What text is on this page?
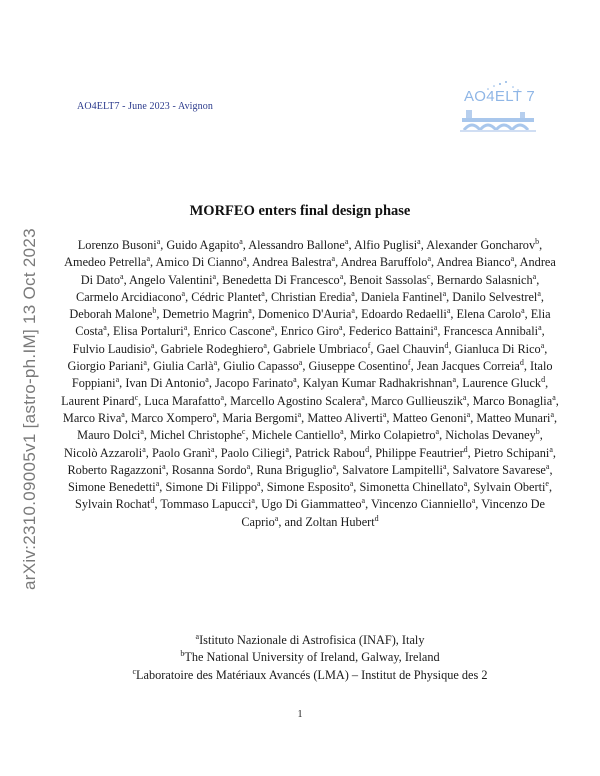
AO4ELT7 - June 2023 - Avignon
AO4ELT 7
arXiv:2310.09005v1 [astro-ph.IM] 13 Oct 2023
MORFEO enters final design phase
Lorenzo Busoni$^a$, Guido Agapito$^a$, Alessandro Ballone$^a$, Alfio Puglisi$^a$, Alexander Goncharov$^b$, Amedeo Petrella$^a$, Amico Di Cianno$^a$, Andrea Balestra$^a$, Andrea Baruffolo$^a$, Andrea Bianco$^a$, Andrea Di Dato$^a$, Angelo Valentini$^a$, Benedetta Di Francesco$^a$, Benoit Sassolas$^c$, Bernardo Salasnich$^a$, Carmelo Arcidiacono$^a$, Cédric Plantet$^a$, Christian Eredia$^a$, Daniela Fantinel$^a$, Danilo Selvestrel$^a$, Deborah Malone$^b$, Demetrio Magrin$^a$, Domenico D'Auria$^a$, Edoardo Redaelli$^a$, Elena Carolo$^a$, Elia Costa$^a$, Elisa Portaluri$^a$, Enrico Cascone$^a$, Enrico Giro$^a$, Federico Battaini$^a$, Francesca Annibali$^a$, Fulvio Laudisio$^a$, Gabriele Rodeghiero$^a$, Gabriele Umbriaco$^f$, Gael Chauvin$^d$, Gianluca Di Rico$^a$, Giorgio Pariani$^a$, Giulia Carlà$^a$, Giulio Capasso$^a$, Giuseppe Cosentino$^f$, Jean Jacques Correia$^d$, Italo Foppiani$^a$, Ivan Di Antonio$^a$, Jacopo Farinato$^a$, Kalyan Kumar Radhakrishnan$^a$, Laurence Gluck$^d$, Laurent Pinard$^c$, Luca Marafatto$^a$, Marcello Agostino Scalera$^a$, Marco Gullieuszik$^a$, Marco Bonaglia$^a$, Marco Riva$^a$, Marco Xompero$^a$, Maria Bergomi$^a$, Matteo Aliverti$^a$, Matteo Genoni$^a$, Matteo Munari$^a$, Mauro Dolci$^a$, Michel Christophe$^c$, Michele Cantiello$^a$, Mirko Colapietro$^a$, Nicholas Devaney$^b$, Nicolò Azzaroli$^a$, Paolo Granì$^a$, Paolo Ciliegi$^a$, Patrick Rabou$^d$, Philippe Feautrier$^d$, Pietro Schipani$^a$, Roberto Ragazzoni$^a$, Rosanna Sordo$^a$, Runa Briguglio$^a$, Salvatore Lampitelli$^a$, Salvatore Savarese$^a$, Simone Benedetti$^a$, Simone Di Filippo$^a$, Simone Esposito$^a$, Simonetta Chinellato$^a$, Sylvain Oberti$^e$, Sylvain Rochat$^d$, Tommaso Lapucci$^a$, Ugo Di Giammatteo$^a$, Vincenzo Cianniello$^a$, Vincenzo De Caprio$^a$, and Zoltan Hubert$^d$
$^a$Istituto Nazionale di Astrofisica (INAF), Italy
$^b$The National University of Ireland, Galway, Ireland
$^c$Laboratoire des Matériaux Avancés (LMA) – Institut de Physique des 2
1
